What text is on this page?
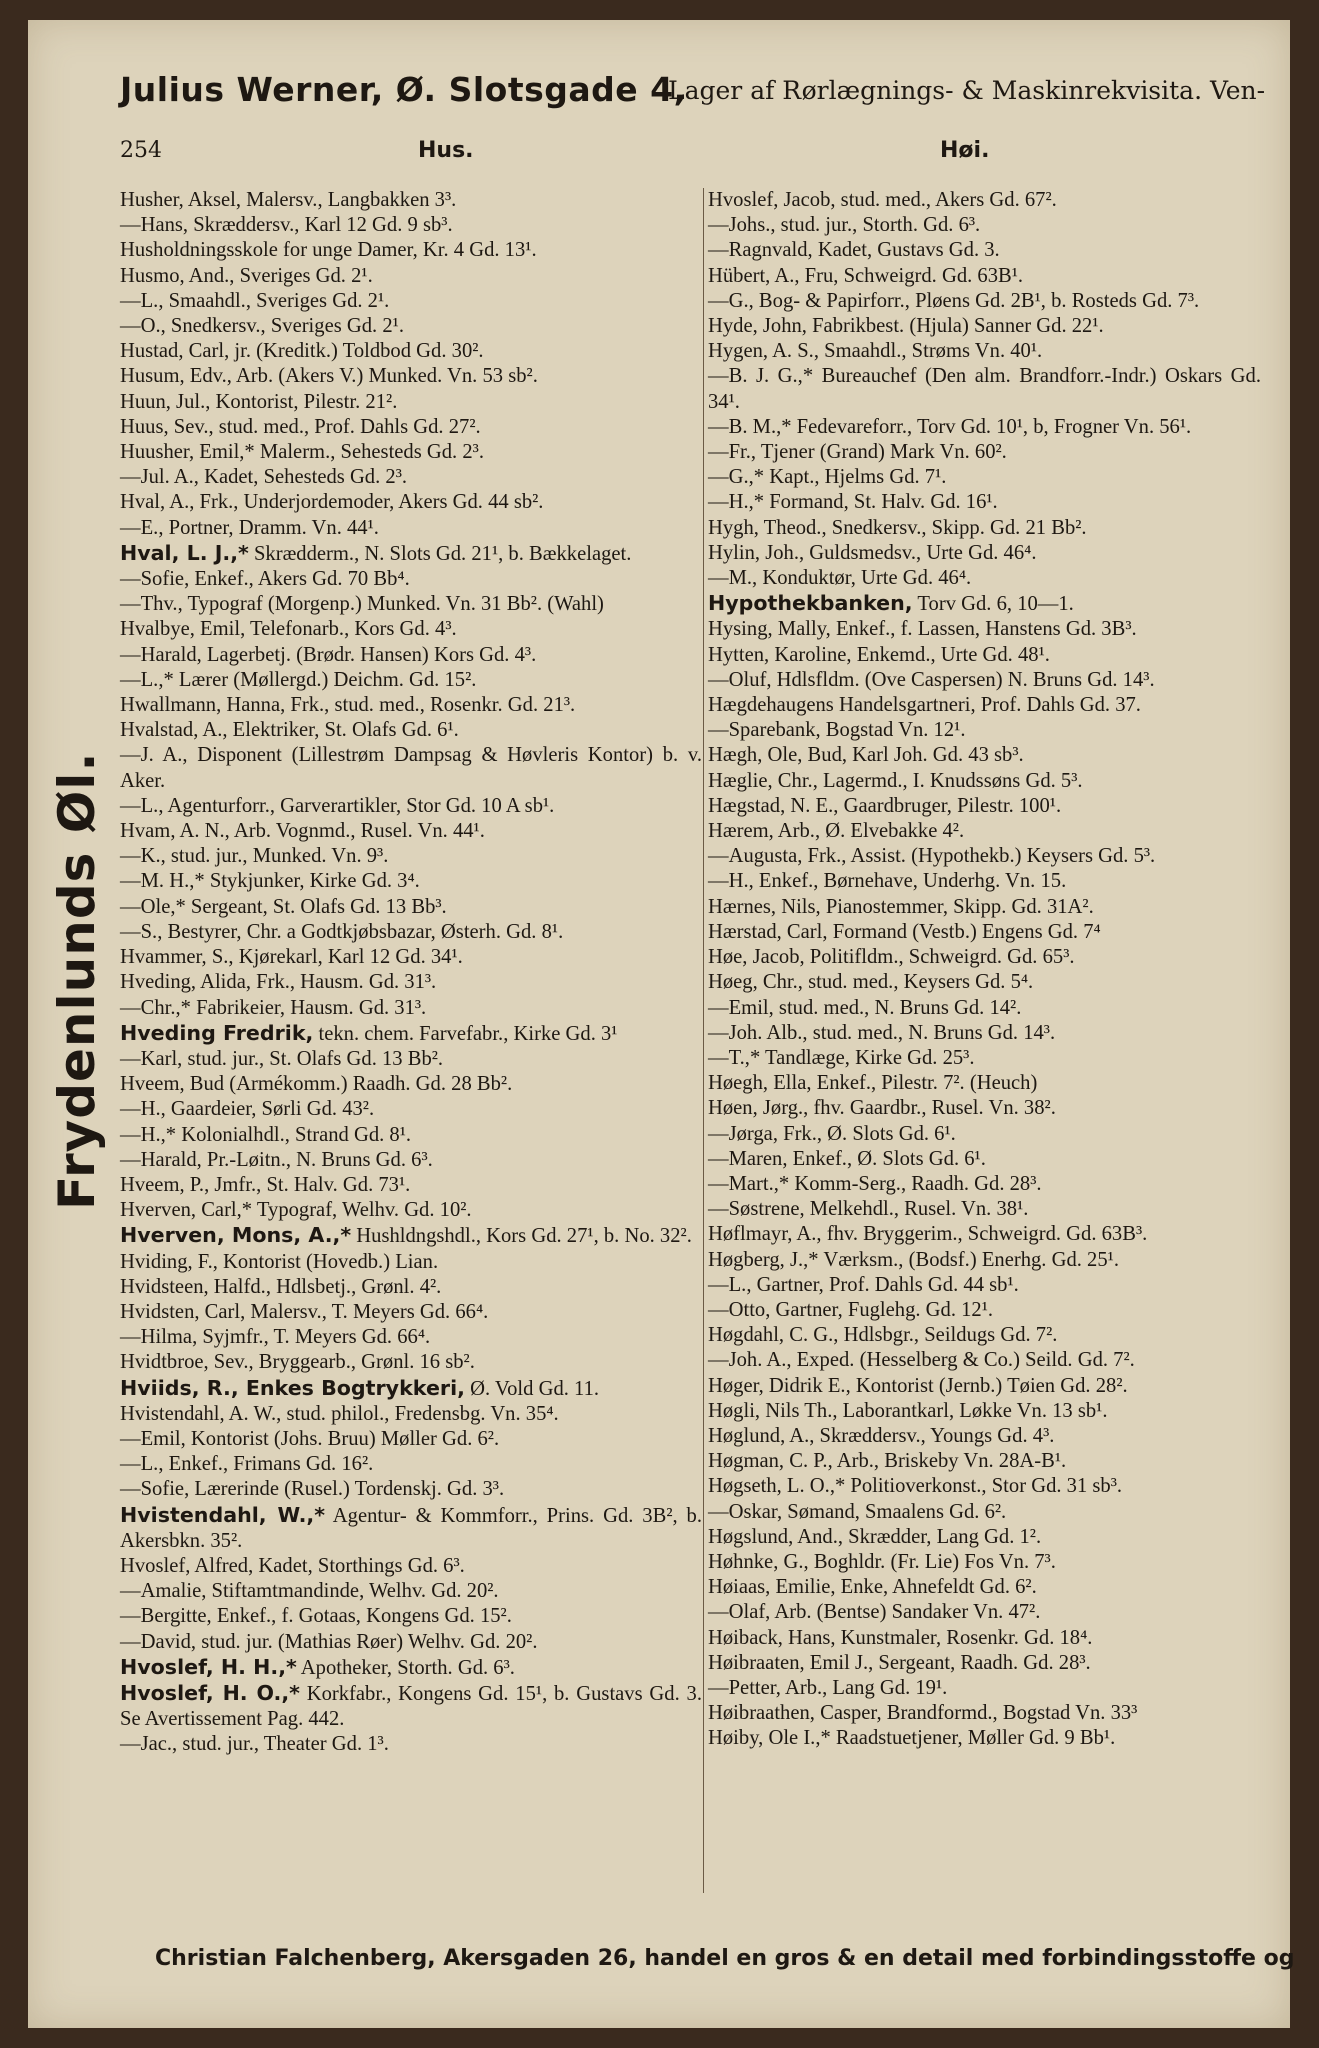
Julius Werner, Ø. Slotsgade 4,
Lager af Rørlægnings- & Maskinrekvisita. Ven-
254	Hus.	Høi.
Husher, Aksel, Malersv., Langbakken 3³.
—Hans, Skræddersv., Karl 12 Gd. 9 sb³.
Husholdningsskole for unge Damer, Kr. 4 Gd. 13¹.
Husmo, And., Sveriges Gd. 2¹.
—L., Smaahdl., Sveriges Gd. 2¹.
—O., Snedkersv., Sveriges Gd. 2¹.
Hustad, Carl, jr. (Kreditk.) Toldbod Gd. 30².
Husum, Edv., Arb. (Akers V.) Munked. Vn. 53 sb².
Huun, Jul., Kontorist, Pilestr. 21².
Huus, Sev., stud. med., Prof. Dahls Gd. 27².
Huusher, Emil,* Malerm., Sehesteds Gd. 2³.
—Jul. A., Kadet, Sehesteds Gd. 2³.
Hval, A., Frk., Underjordemoder, Akers Gd. 44 sb².
—E., Portner, Dramm. Vn. 44¹.
Hval, L. J.,* Skrædderm., N. Slots Gd. 21¹, b. Bækkelaget.
—Sofie, Enkef., Akers Gd. 70 Bb⁴.
—Thv., Typograf (Morgenp.) Munked. Vn. 31 Bb². (Wahl)
Hvalbye, Emil, Telefonarb., Kors Gd. 4³.
—Harald, Lagerbetj. (Brødr. Hansen) Kors Gd. 4³.
—L.,* Lærer (Møllergd.) Deichm. Gd. 15².
Hwallmann, Hanna, Frk., stud. med., Rosenkr. Gd. 21³.
Hvalstad, A., Elektriker, St. Olafs Gd. 6¹.
—J. A., Disponent (Lillestrøm Dampsag & Høvleris Kontor) b. v. Aker.
—L., Agenturforr., Garverartikler, Stor Gd. 10 A sb¹.
Hvam, A. N., Arb. Vognmd., Rusel. Vn. 44¹.
—K., stud. jur., Munked. Vn. 9³.
—M. H.,* Stykjunker, Kirke Gd. 3⁴.
—Ole,* Sergeant, St. Olafs Gd. 13 Bb³.
—S., Bestyrer, Chr. a Godtkjøbsbazar, Østerh. Gd. 8¹.
Hvammer, S., Kjørekarl, Karl 12 Gd. 34¹.
Hveding, Alida, Frk., Hausm. Gd. 31³.
—Chr.,* Fabrikeier, Hausm. Gd. 31³.
Hveding Fredrik, tekn. chem. Farvefabr., Kirke Gd. 3¹
—Karl, stud. jur., St. Olafs Gd. 13 Bb².
Hveem, Bud (Armékomm.) Raadh. Gd. 28 Bb².
—H., Gaardeier, Sørli Gd. 43².
—H.,* Kolonialhdl., Strand Gd. 8¹.
—Harald, Pr.-Løitn., N. Bruns Gd. 6³.
Hveem, P., Jmfr., St. Halv. Gd. 73¹.
Hverven, Carl,* Typograf, Welhv. Gd. 10².
Hverven, Mons, A.,* Hushldngshdl., Kors Gd. 27¹, b. No. 32².
Hviding, F., Kontorist (Hovedb.) Lian.
Hvidsteen, Halfd., Hdlsbetj., Grønl. 4².
Hvidsten, Carl, Malersv., T. Meyers Gd. 66⁴.
—Hilma, Syjmfr., T. Meyers Gd. 66⁴.
Hvidtbroe, Sev., Bryggearb., Grønl. 16 sb².
Hviids, R., Enkes Bogtrykkeri, Ø. Vold Gd. 11.
Hvistendahl, A. W., stud. philol., Fredensbg. Vn. 35⁴.
—Emil, Kontorist (Johs. Bruu) Møller Gd. 6².
—L., Enkef., Frimans Gd. 16².
—Sofie, Lærerinde (Rusel.) Tordenskj. Gd. 3³.
Hvistendahl, W.,* Agentur- & Kommforr., Prins. Gd. 3B², b. Akersbkn. 35².
Hvoslef, Alfred, Kadet, Storthings Gd. 6³.
—Amalie, Stiftamtmandinde, Welhv. Gd. 20².
—Bergitte, Enkef., f. Gotaas, Kongens Gd. 15².
—David, stud. jur. (Mathias Røer) Welhv. Gd. 20².
Hvoslef, H. H.,* Apotheker, Storth. Gd. 6³.
Hvoslef, H. O.,* Korkfabr., Kongens Gd. 15¹, b. Gustavs Gd. 3. Se Avertissement Pag. 442.
—Jac., stud. jur., Theater Gd. 1³.
Hvoslef, Jacob, stud. med., Akers Gd. 67².
—Johs., stud. jur., Storth. Gd. 6³.
—Ragnvald, Kadet, Gustavs Gd. 3.
Hübert, A., Fru, Schweigrd. Gd. 63B¹.
—G., Bog- & Papirforr., Pløens Gd. 2B¹, b. Rosteds Gd. 7³.
Hyde, John, Fabrikbest. (Hjula) Sanner Gd. 22¹.
Hygen, A. S., Smaahdl., Strøms Vn. 40¹.
—B. J. G.,* Bureauchef (Den alm. Brandforr.-Indr.) Oskars Gd. 34¹.
—B. M.,* Fedevareforr., Torv Gd. 10¹, b, Frogner Vn. 56¹.
—Fr., Tjener (Grand) Mark Vn. 60².
—G.,* Kapt., Hjelms Gd. 7¹.
—H.,* Formand, St. Halv. Gd. 16¹.
Hygh, Theod., Snedkersv., Skipp. Gd. 21 Bb².
Hylin, Joh., Guldsmedsv., Urte Gd. 46⁴.
—M., Konduktør, Urte Gd. 46⁴.
Hypothekbanken, Torv Gd. 6, 10—1.
Hysing, Mally, Enkef., f. Lassen, Hanstens Gd. 3B³.
Hytten, Karoline, Enkemd., Urte Gd. 48¹.
—Oluf, Hdlsfldm. (Ove Caspersen) N. Bruns Gd. 14³.
Hægdehaugens Handelsgartneri, Prof. Dahls Gd. 37.
—Sparebank, Bogstad Vn. 12¹.
Hægh, Ole, Bud, Karl Joh. Gd. 43 sb³.
Hæglie, Chr., Lagermd., I. Knudssøns Gd. 5³.
Hægstad, N. E., Gaardbruger, Pilestr. 100¹.
Hærem, Arb., Ø. Elvebakke 4².
—Augusta, Frk., Assist. (Hypothekb.) Keysers Gd. 5³.
—H., Enkef., Børnehave, Underhg. Vn. 15.
Hærnes, Nils, Pianostemmer, Skipp. Gd. 31A².
Hærstad, Carl, Formand (Vestb.) Engens Gd. 7⁴
Høe, Jacob, Politifldm., Schweigrd. Gd. 65³.
Høeg, Chr., stud. med., Keysers Gd. 5⁴.
—Emil, stud. med., N. Bruns Gd. 14².
—Joh. Alb., stud. med., N. Bruns Gd. 14³.
—T.,* Tandlæge, Kirke Gd. 25³.
Høegh, Ella, Enkef., Pilestr. 7². (Heuch)
Høen, Jørg., fhv. Gaardbr., Rusel. Vn. 38².
—Jørga, Frk., Ø. Slots Gd. 6¹.
—Maren, Enkef., Ø. Slots Gd. 6¹.
—Mart.,* Komm-Serg., Raadh. Gd. 28³.
—Søstrene, Melkehdl., Rusel. Vn. 38¹.
Høflmayr, A., fhv. Bryggerim., Schweigrd. Gd. 63B³.
Høgberg, J.,* Værksm., (Bodsf.) Enerhg. Gd. 25¹.
—L., Gartner, Prof. Dahls Gd. 44 sb¹.
—Otto, Gartner, Fuglehg. Gd. 12¹.
Høgdahl, C. G., Hdlsbgr., Seildugs Gd. 7².
—Joh. A., Exped. (Hesselberg & Co.) Seild. Gd. 7².
Høger, Didrik E., Kontorist (Jernb.) Tøien Gd. 28².
Høgli, Nils Th., Laborantkarl, Løkke Vn. 13 sb¹.
Høglund, A., Skræddersv., Youngs Gd. 4³.
Høgman, C. P., Arb., Briskeby Vn. 28A-B¹.
Høgseth, L. O.,* Politioverkonst., Stor Gd. 31 sb³.
—Oskar, Sømand, Smaalens Gd. 6².
Høgslund, And., Skrædder, Lang Gd. 1².
Høhnke, G., Boghldr. (Fr. Lie) Fos Vn. 7³.
Høiaas, Emilie, Enke, Ahnefeldt Gd. 6².
—Olaf, Arb. (Bentse) Sandaker Vn. 47².
Høiback, Hans, Kunstmaler, Rosenkr. Gd. 18⁴.
Høibraaten, Emil J., Sergeant, Raadh. Gd. 28³.
—Petter, Arb., Lang Gd. 19¹.
Høibraathen, Casper, Brandformd., Bogstad Vn. 33³
Høiby, Ole I.,* Raadstuetjener, Møller Gd. 9 Bb¹.
Frydenlunds Øl.
Christian Falchenberg, Akersgaden 26, handel en gros & en detail med forbindingsstoffe og
